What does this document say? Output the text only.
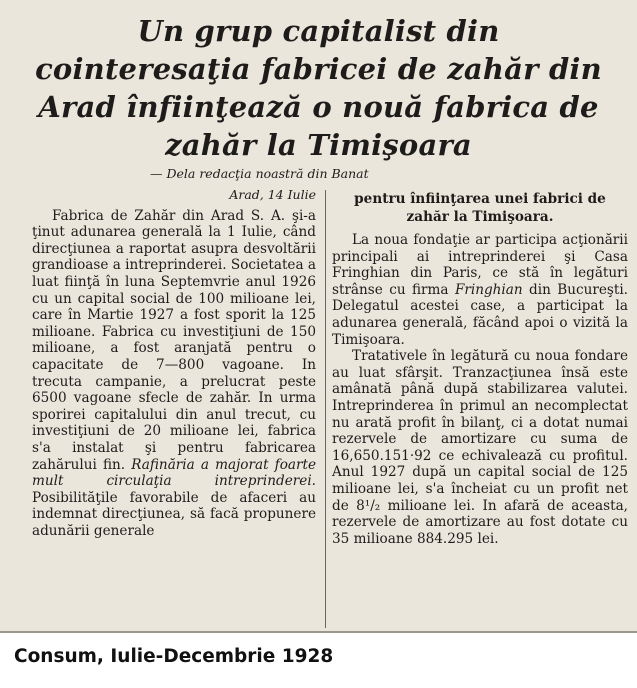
Un grup capitalist din
cointeresaţia fabricei de zahăr din
Arad înfiinţează o nouă fabrica de
zahăr la Timişoara
— Dela redacţia noastră din Banat
Arad, 14 Iulie
Fabrica de Zahăr din Arad S. A. şi-a ţinut adunarea generală la 1 Iulie, când direcţiunea a raportat asupra desvoltării grandioase a intreprinderei. Societatea a luat fiinţă în luna Septemvrie anul 1926 cu un capital social de 100 milioane lei, care în Martie 1927 a fost sporit la 125 milioane. Fabrica cu investiţiuni de 150 milioane, a fost aranjată pentru o capacitate de 7—800 vagoane. In trecuta campanie, a prelucrat peste 6500 vagoane sfecle de zahăr. In urma sporirei capitalului din anul trecut, cu investiţiuni de 20 milioane lei, fabrica s'a instalat şi pentru fabricarea zahărului fin. Rafinăria a majorat foarte mult circulaţia intreprinderei. Posibilităţile favorabile de afaceri au indemnat direcţiunea, să facă propunere adunării generale
pentru înfiinţarea unei fabrici de zahăr la Timişoara.
La noua fondaţie ar participa acţionării principali ai intreprinderei şi Casa Fringhian din Paris, ce stă în legături strânse cu firma Fringhian din Bucureşti. Delegatul acestei case, a participat la adunarea generală, făcând apoi o vizită la Timişoara.
Tratativele în legătură cu noua fondare au luat sfârşit. Tranzacţiunea însă este amânată până după stabilizarea valutei. Intreprinderea în primul an necomplectat nu arată profit în bilanţ, ci a dotat numai rezervele de amortizare cu suma de 16,650.151·92 ce echivalează cu profitul. Anul 1927 după un capital social de 125 milioane lei, s'a încheiat cu un profit net de 8¹/₂ milioane lei. In afară de aceasta, rezervele de amortizare au fost dotate cu 35 milioane 884.295 lei.
Consum, Iulie-Decembrie 1928
